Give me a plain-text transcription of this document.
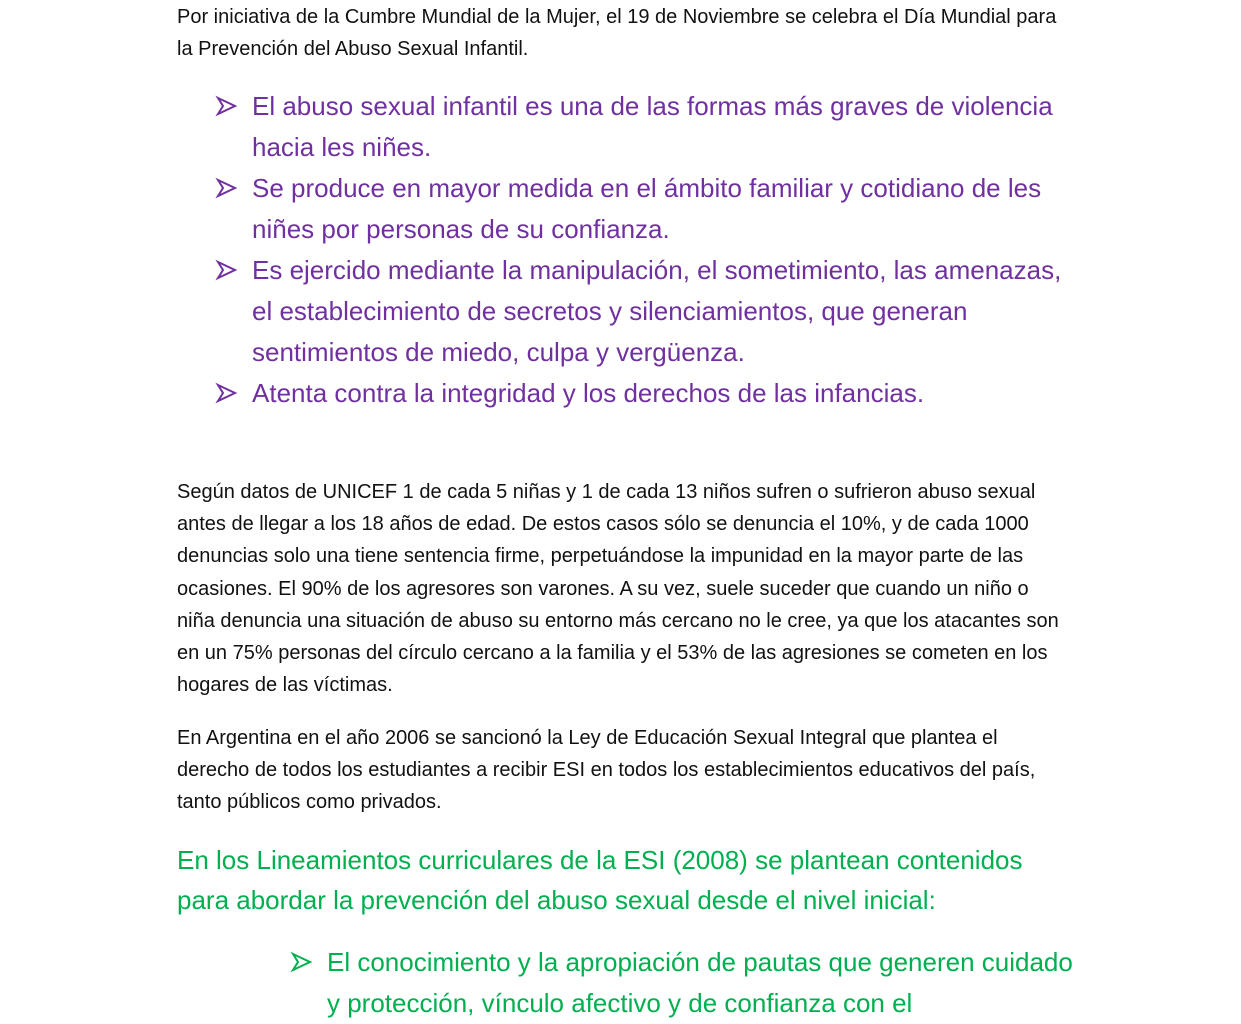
Por iniciativa de la Cumbre Mundial de la Mujer, el 19 de Noviembre se celebra el Día Mundial para la Prevención del Abuso Sexual Infantil.

El abuso sexual infantil es una de las formas más graves de violencia hacia les niñes.
Se produce en mayor medida en el ámbito familiar y cotidiano de les niñes por personas de su confianza.
Es ejercido mediante la manipulación, el sometimiento, las amenazas, el establecimiento de secretos y silenciamientos, que generan sentimientos de miedo, culpa y vergüenza.
Atenta contra la integridad y los derechos de las infancias.

Según datos de UNICEF 1 de cada 5 niñas y 1 de cada 13 niños sufren o sufrieron abuso sexual antes de llegar a los 18 años de edad. De estos casos sólo se denuncia el 10%, y de cada 1000 denuncias solo una tiene sentencia firme, perpetuándose la impunidad en la mayor parte de las ocasiones. El 90% de los agresores son varones. A su vez, suele suceder que cuando un niño o niña denuncia una situación de abuso su entorno más cercano no le cree, ya que los atacantes son en un 75% personas del círculo cercano a la familia y el 53% de las agresiones se cometen en los hogares de las víctimas.

En Argentina en el año 2006 se sancionó la Ley de Educación Sexual Integral que plantea el derecho de todos los estudiantes a recibir ESI en todos los establecimientos educativos del país, tanto públicos como privados.

En los Lineamientos curriculares de la ESI (2008) se plantean contenidos para abordar la prevención del abuso sexual desde el nivel inicial:

El conocimiento y la apropiación de pautas que generen cuidado y protección, vínculo afectivo y de confianza con el
